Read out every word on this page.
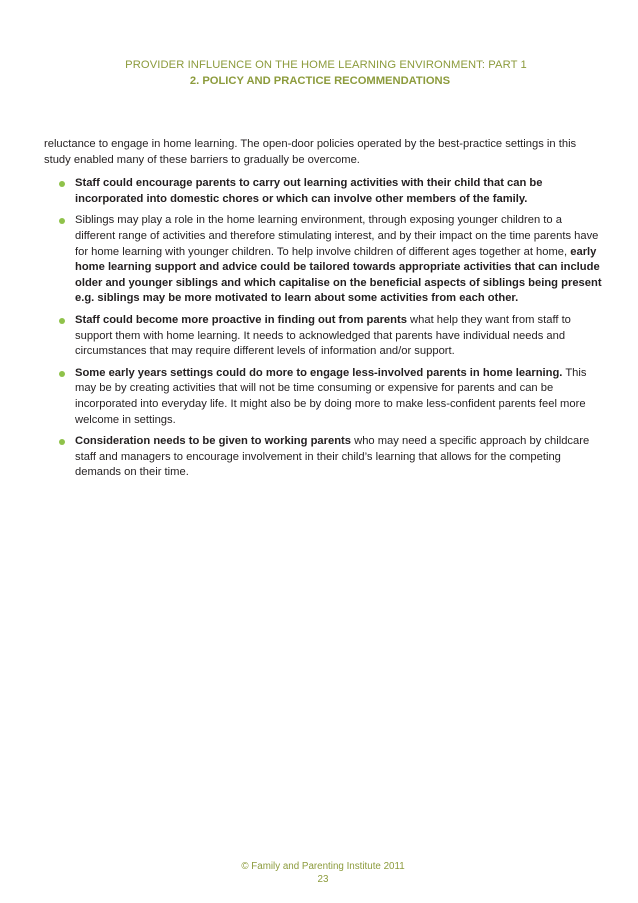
PROVIDER INFLUENCE ON THE HOME LEARNING ENVIRONMENT: PART 1
2. POLICY AND PRACTICE RECOMMENDATIONS

reluctance to engage in home learning. The open-door policies operated by the best-practice settings in this study enabled many of these barriers to gradually be overcome.

Staff could encourage parents to carry out learning activities with their child that can be incorporated into domestic chores or which can involve other members of the family.
Siblings may play a role in the home learning environment, through exposing younger children to a different range of activities and therefore stimulating interest, and by their impact on the time parents have for home learning with younger children. To help involve children of different ages together at home, early home learning support and advice could be tailored towards appropriate activities that can include older and younger siblings and which capitalise on the beneficial aspects of siblings being present e.g. siblings may be more motivated to learn about some activities from each other.
Staff could become more proactive in finding out from parents what help they want from staff to support them with home learning. It needs to acknowledged that parents have individual needs and circumstances that may require different levels of information and/or support.
Some early years settings could do more to engage less-involved parents in home learning. This may be by creating activities that will not be time consuming or expensive for parents and can be incorporated into everyday life. It might also be by doing more to make less-confident parents feel more welcome in settings.
Consideration needs to be given to working parents who may need a specific approach by childcare staff and managers to encourage involvement in their child’s learning that allows for the competing demands on their time.
© Family and Parenting Institute 2011
23
